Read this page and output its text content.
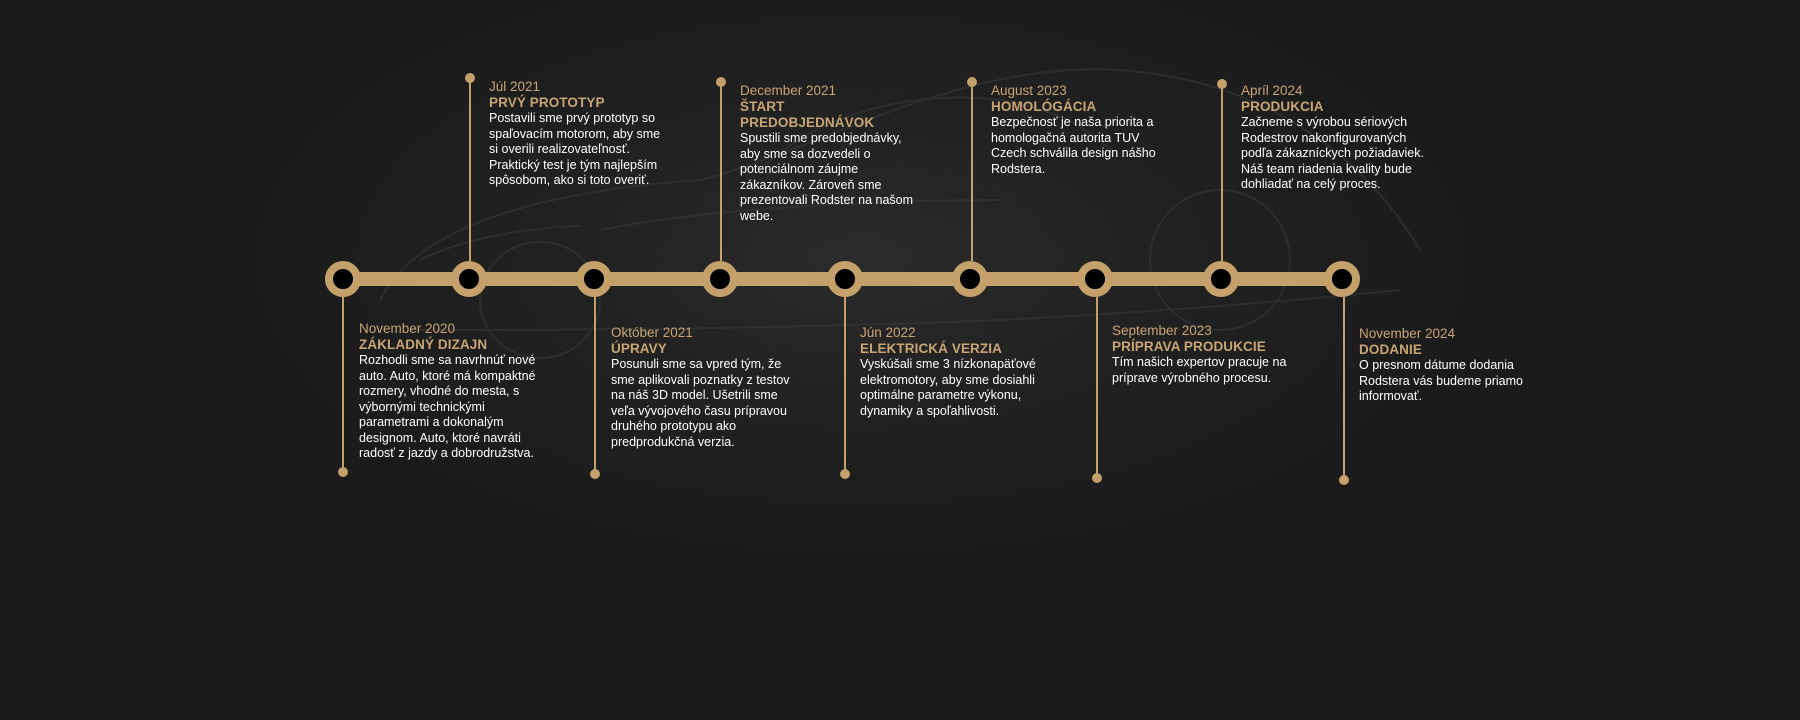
November 2020
ZÁKLADNÝ DIZAJN
Rozhodli sme sa navrhnúť nové auto. Auto, ktoré má kompaktné rozmery, vhodné do mesta, s výbornými technickými parametrami a dokonalým designom. Auto, ktoré navráti radosť z jazdy a dobrodružstva.
Júl 2021
PRVÝ PROTOTYP
Postavili sme prvý prototyp so spaľovacím motorom, aby sme si overili realizovateľnosť. Praktický test je tým najlepším spôsobom, ako si toto overiť.
Október 2021
ÚPRAVY
Posunuli sme sa vpred tým, že sme aplikovali poznatky z testov na náš 3D model. Ušetrili sme veľa vývojového času prípravou druhého prototypu ako predprodukčná verzia.
December 2021
ŠTART PREDOBJEDNÁVOK
Spustili sme predobjednávky, aby sme sa dozvedeli o potenciálnom záujme zákazníkov. Zároveň sme prezentovali Rodster na našom webe.
Jún 2022
ELEKTRICKÁ VERZIA
Vyskúšali sme 3 nízkonapäťové elektromotory, aby sme dosiahli optimálne parametre výkonu, dynamiky a spoľahlivosti.
August 2023
HOMOLÓGÁCIA
Bezpečnosť je naša priorita a homologačná autorita TUV Czech schválila design nášho Rodstera.
September 2023
PRÍPRAVA PRODUKCIE
Tím našich expertov pracuje na príprave výrobného procesu.
Apríl 2024
PRODUKCIA
Začneme s výrobou sériových Rodestrov nakonfigurovaných podľa zákazníckych požiadaviek. Náš team riadenia kvality bude dohliadať na celý proces.
November 2024
DODANIE
O presnom dátume dodania Rodstera vás budeme priamo informovať.
